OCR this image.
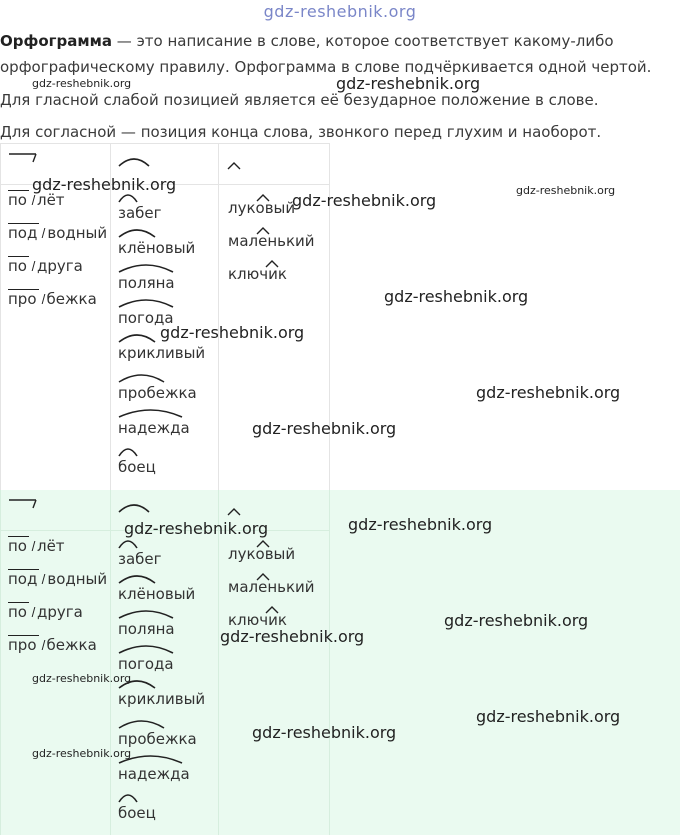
gdz-reshebnik.org
Орфограмма — это написание в слове, которое соответствует какому-либо орфографическому правилу. Орфограмма в слове подчёркивается одной чертой.
Для гласной слабой позицией является её безударное положение в слове.
Для согласной — позиция конца слова, звонкого перед глухим и наоборот.
по лёт
под водный
по друга
про бежка
забег
клёновый
поляна
погода
крикливый
пробежка
надежда
боец
луковый
маленький
ключик
по лёт
под водный
по друга
про бежка
забег
клёновый
поляна
погода
крикливый
пробежка
надежда
боец
луковый
маленький
ключик
gdz-reshebnik.org	gdz-reshebnik.org
gdz-reshebnik.org
gdz-reshebnik.org
gdz-reshebnik.org
gdz-reshebnik.org
gdz-reshebnik.org
gdz-reshebnik.org
gdz-reshebnik.org
gdz-reshebnik.org	gdz-reshebnik.org
gdz-reshebnik.org
gdz-reshebnik.org
gdz-reshebnik.org
gdz-reshebnik.org
gdz-reshebnik.org
gdz-reshebnik.org
